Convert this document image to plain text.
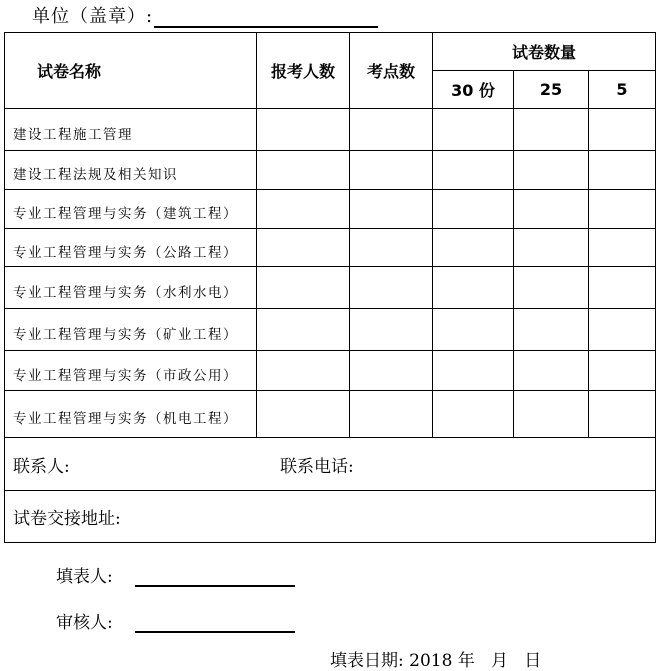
单位（盖章）:
试卷名称	报考人数	考点数	试卷数量		
			30 份	25	5
建设工程施工管理					
建设工程法规及相关知识					
专业工程管理与实务（建筑工程）					
专业工程管理与实务（公路工程）					
专业工程管理与实务（水利水电）					
专业工程管理与实务（矿业工程）					
专业工程管理与实务（市政公用）					
专业工程管理与实务（机电工程）					
联系人: 联系电话:					

试卷交接地址:					
填表人:
审核人:
填表日期: 2018 年   月   日
